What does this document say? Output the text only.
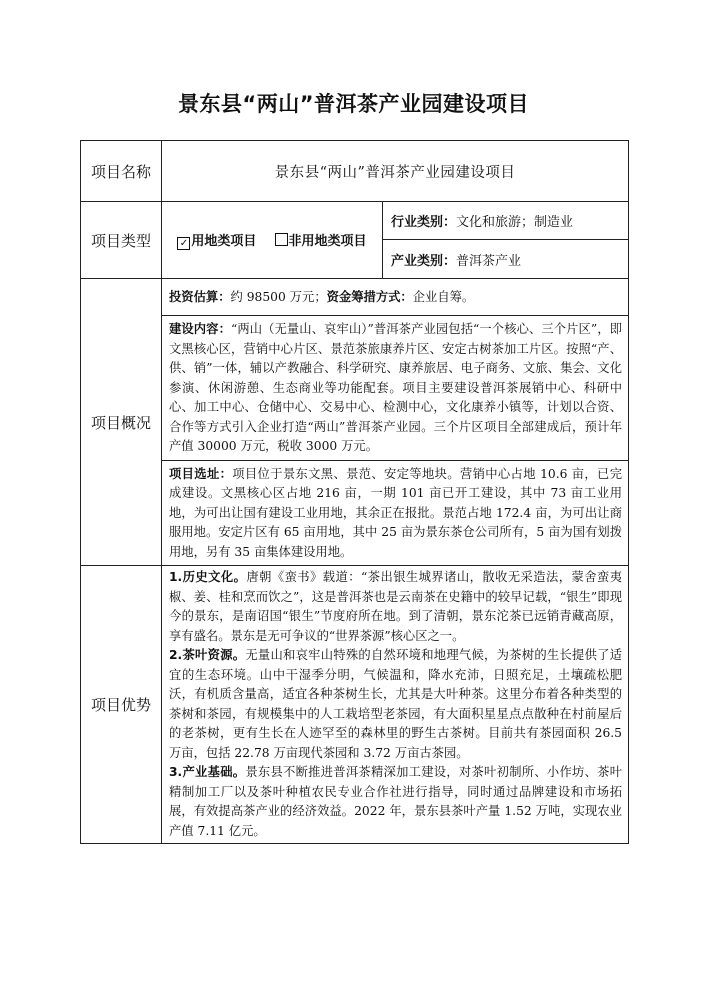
景东县“两山”普洱茶产业园建设项目
项目名称	景东县“两山”普洱茶产业园建设项目	
项目类型	✓ 用地类项目 非用地类项目	行业类别：文化和旅游；制造业
		产业类别：普洱茶产业
项目概况	投资估算：约 98500 万元；资金筹措方式：企业自筹。	
	建设内容：“两山（无量山、哀牢山）”普洱茶产业园包括“一个核心、三个片区”，即文黑核心区，营销中心片区、景范茶旅康养片区、安定古树茶加工片区。按照“产、供、销”一体，辅以产教融合、科学研究、康养旅居、电子商务、文旅、集会、文化参演、休闲游憩、生态商业等功能配套。项目主要建设普洱茶展销中心、科研中心、加工中心、仓储中心、交易中心、检测中心，文化康养小镇等，计划以合资、合作等方式引入企业打造“两山”普洱茶产业园。三个片区项目全部建成后，预计年产值 30000 万元，税收 3000 万元。	
	项目选址：项目位于景东文黑、景范、安定等地块。营销中心占地 10.6 亩，已完成建设。文黑核心区占地 216 亩，一期 101 亩已开工建设，其中 73 亩工业用地，为可出让国有建设工业用地，其余正在报批。景范占地 172.4 亩，为可出让商服用地。安定片区有 65 亩用地，其中 25 亩为景东茶仓公司所有，5 亩为国有划拨用地，另有 35 亩集体建设用地。	
项目优势	1.历史文化。唐朝《蛮书》载道：“茶出银生城界诸山，散收无采造法，蒙舍蛮夷椒、姜、桂和烹而饮之”，这是普洱茶也是云南茶在史籍中的较早记载，“银生”即现今的景东，是南诏国“银生”节度府所在地。到了清朝，景东沱茶已远销青藏高原，享有盛名。景东是无可争议的“世界茶源”核心区之一。
2.茶叶资源。无量山和哀牢山特殊的自然环境和地理气候，为茶树的生长提供了适宜的生态环境。山中干湿季分明，气候温和，降水充沛，日照充足，土壤疏松肥沃，有机质含量高，适宜各种茶树生长，尤其是大叶种茶。这里分布着各种类型的茶树和茶园，有规模集中的人工栽培型老茶园，有大面积星星点点散种在村前屋后的老茶树，更有生长在人迹罕至的森林里的野生古茶树。目前共有茶园面积 26.5 万亩，包括 22.78 万亩现代茶园和 3.72 万亩古茶园。
3.产业基础。景东县不断推进普洱茶精深加工建设，对茶叶初制所、小作坊、茶叶精制加工厂以及茶叶种植农民专业合作社进行指导，同时通过品牌建设和市场拓展，有效提高茶产业的经济效益。2022 年，景东县茶叶产量 1.52 万吨，实现农业产值 7.11 亿元。	
